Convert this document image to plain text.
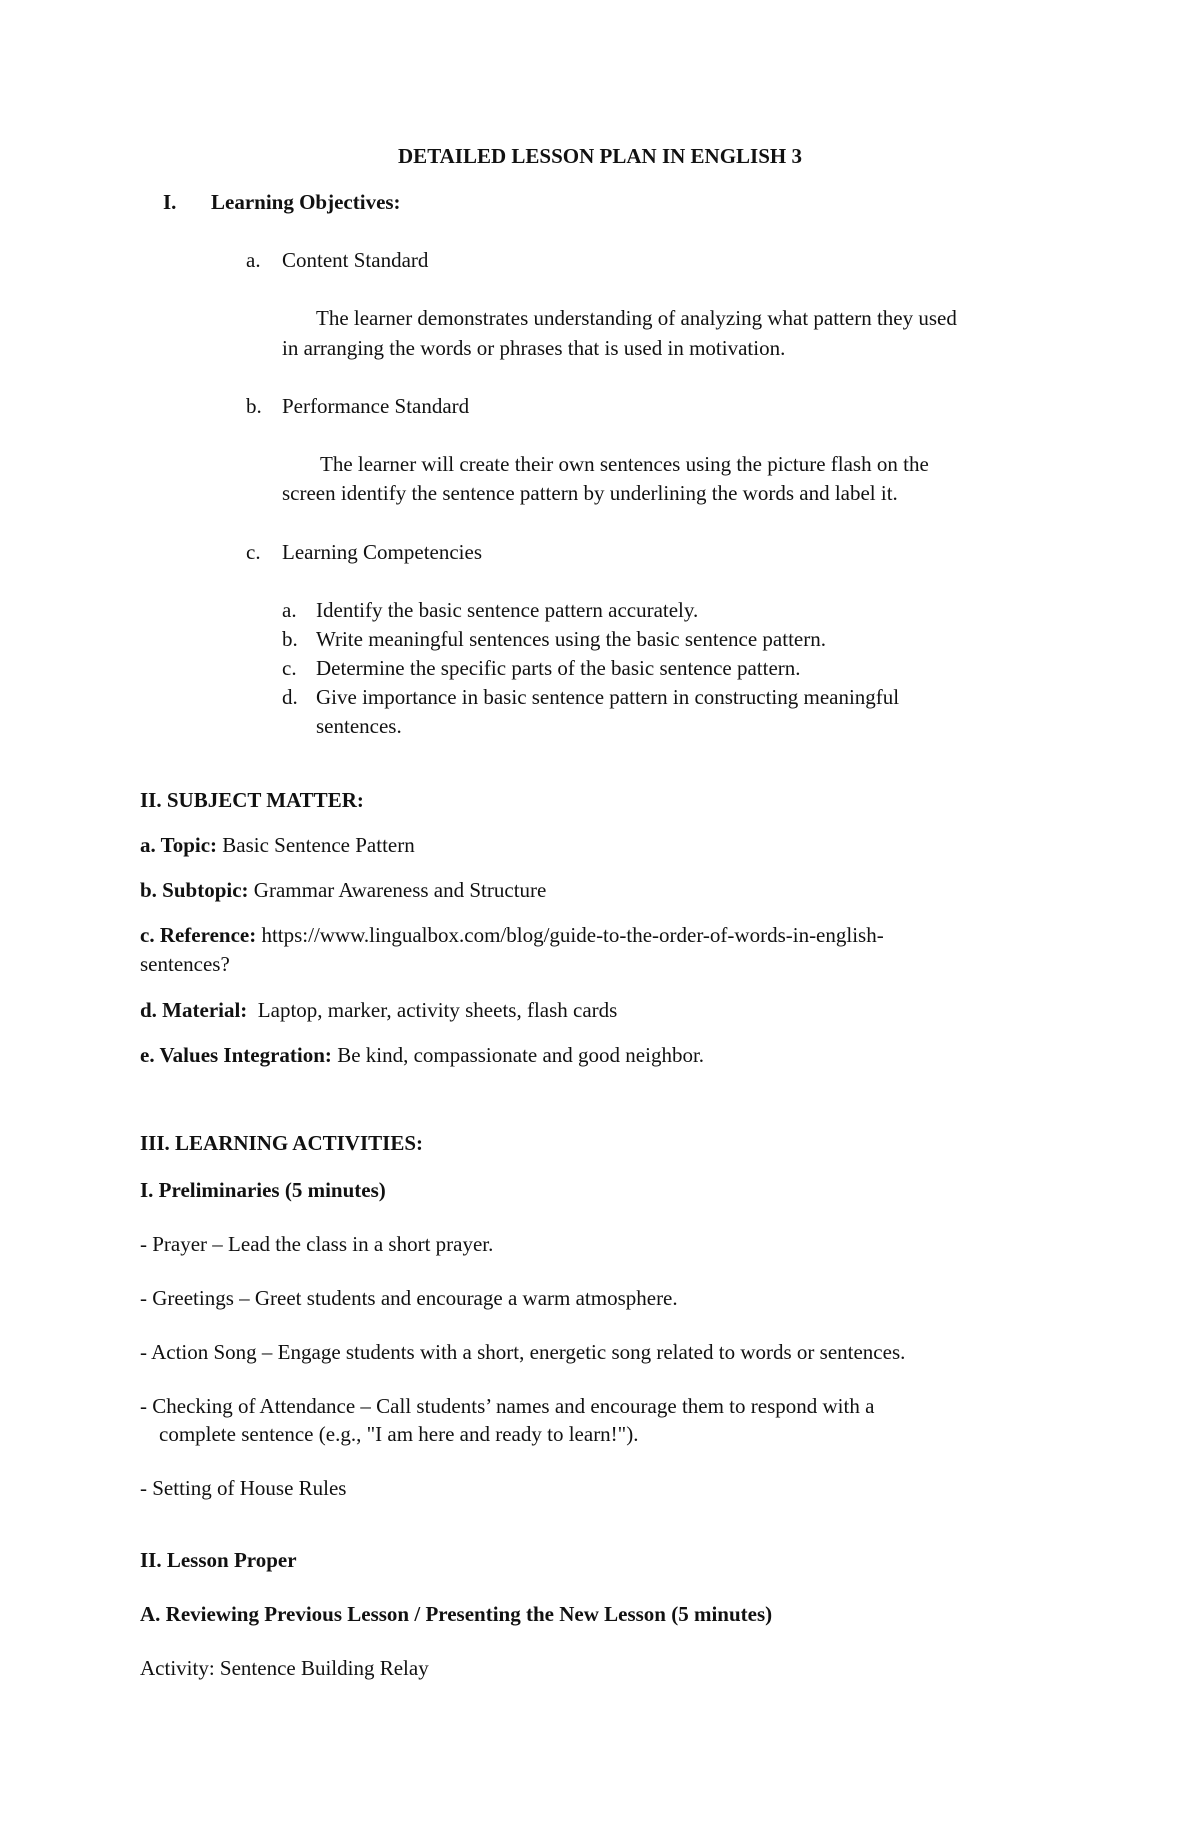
DETAILED LESSON PLAN IN ENGLISH 3
I. Learning Objectives:
a. Content Standard
The learner demonstrates understanding of analyzing what pattern they used
in arranging the words or phrases that is used in motivation.
b. Performance Standard
The learner will create their own sentences using the picture flash on the
screen identify the sentence pattern by underlining the words and label it.
c. Learning Competencies
a. Identify the basic sentence pattern accurately.
b. Write meaningful sentences using the basic sentence pattern.
c. Determine the specific parts of the basic sentence pattern.
d. Give importance in basic sentence pattern in constructing meaningful
sentences.
II. SUBJECT MATTER:
a. Topic: Basic Sentence Pattern
b. Subtopic: Grammar Awareness and Structure
c. Reference: https://www.lingualbox.com/blog/guide-to-the-order-of-words-in-english-
sentences?
d. Material:  Laptop, marker, activity sheets, flash cards
e. Values Integration: Be kind, compassionate and good neighbor.
III. LEARNING ACTIVITIES:
I. Preliminaries (5 minutes)
- Prayer – Lead the class in a short prayer.
- Greetings – Greet students and encourage a warm atmosphere.
- Action Song – Engage students with a short, energetic song related to words or sentences.
- Checking of Attendance – Call students’ names and encourage them to respond with a
complete sentence (e.g., "I am here and ready to learn!").
- Setting of House Rules
II. Lesson Proper
A. Reviewing Previous Lesson / Presenting the New Lesson (5 minutes)
Activity: Sentence Building Relay
